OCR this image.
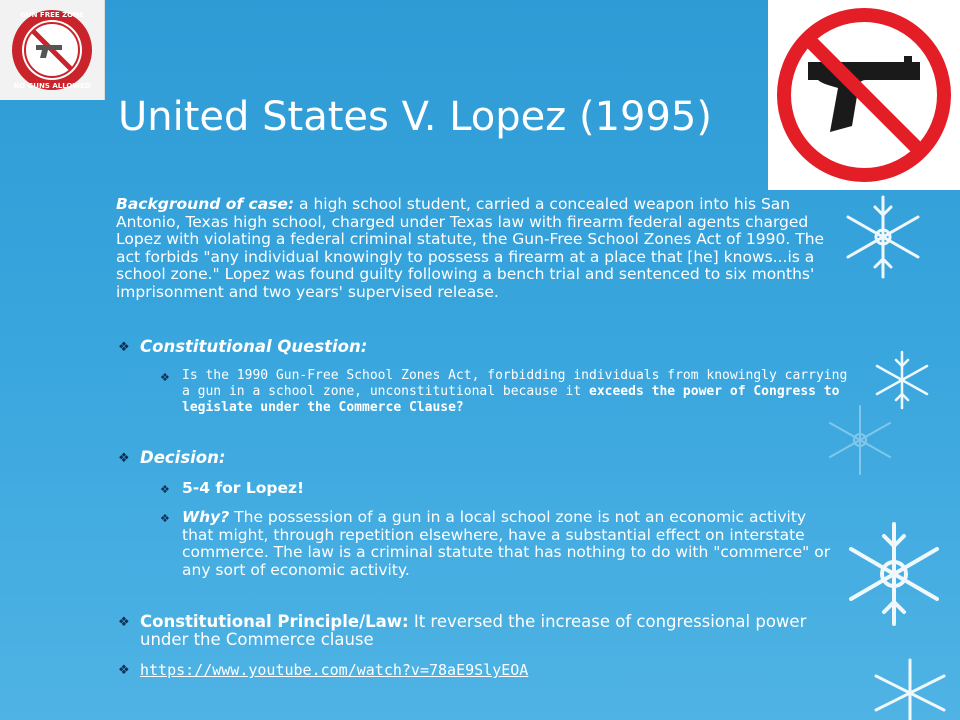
GUN FREE ZONE
NO GUNS ALLOWED
United States V. Lopez (1995)
Background of case: a high school student, carried a concealed weapon into his San Antonio, Texas high school, charged under Texas law with firearm federal agents charged Lopez with violating a federal criminal statute, the Gun-Free School Zones Act of 1990. The act forbids "any individual knowingly to possess a firearm at a place that [he] knows...is a school zone." Lopez was found guilty following a bench trial and sentenced to six months' imprisonment and two years' supervised release.
❖ Constitutional Question:
❖ Is the 1990 Gun-Free School Zones Act, forbidding individuals from knowingly carrying a gun in a school zone, unconstitutional because it exceeds the power of Congress to legislate under the Commerce Clause?
❖ Decision:
❖ 5-4 for Lopez!
❖ Why? The possession of a gun in a local school zone is not an economic activity that might, through repetition elsewhere, have a substantial effect on interstate commerce. The law is a criminal statute that has nothing to do with "commerce" or any sort of economic activity.
❖ Constitutional Principle/Law: It reversed the increase of congressional power under the Commerce clause
❖ https://www.youtube.com/watch?v=78aE9SlyEOA
